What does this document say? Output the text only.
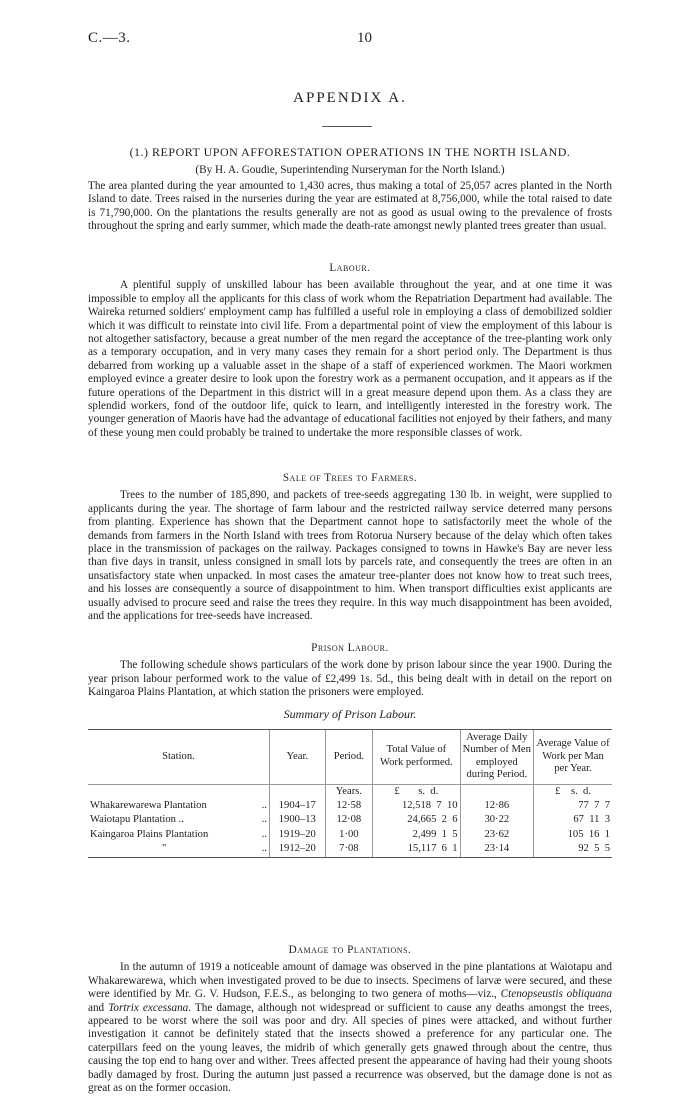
C.—3.	10
APPENDIX A.
(1.) REPORT UPON AFFORESTATION OPERATIONS IN THE NORTH ISLAND.
(By H. A. Goudie, Superintending Nurseryman for the North Island.)

The area planted during the year amounted to 1,430 acres, thus making a total of 25,057 acres planted in the North Island to date. Trees raised in the nurseries during the year are estimated at 8,756,000, while the total raised to date is 71,790,000. On the plantations the results generally are not as good as usual owing to the prevalence of frosts throughout the spring and early summer, which made the death-rate amongst newly planted trees greater than usual.

Labour.

A plentiful supply of unskilled labour has been available throughout the year, and at one time it was impossible to employ all the applicants for this class of work whom the Repatriation Department had available. The Waireka returned soldiers' employment camp has fulfilled a useful role in employing a class of demobilized soldier which it was difficult to reinstate into civil life. From a departmental point of view the employment of this labour is not altogether satisfactory, because a great number of the men regard the acceptance of the tree-planting work only as a temporary occupation, and in very many cases they remain for a short period only. The Department is thus debarred from working up a valuable asset in the shape of a staff of experienced workmen. The Maori workmen employed evince a greater desire to look upon the forestry work as a permanent occupation, and it appears as if the future operations of the Department in this district will in a great measure depend upon them. As a class they are splendid workers, fond of the outdoor life, quick to learn, and intelligently interested in the forestry work. The younger generation of Maoris have had the advantage of educational facilities not enjoyed by their fathers, and many of these young men could probably be trained to undertake the more responsible classes of work.

Sale of Trees to Farmers.

Trees to the number of 185,890, and packets of tree-seeds aggregating 130 lb. in weight, were supplied to applicants during the year. The shortage of farm labour and the restricted railway service deterred many persons from planting. Experience has shown that the Department cannot hope to satisfactorily meet the whole of the demands from farmers in the North Island with trees from Rotorua Nursery because of the delay which often takes place in the transmission of packages on the railway. Packages consigned to towns in Hawke's Bay are never less than five days in transit, unless consigned in small lots by parcels rate, and consequently the trees are often in an unsatisfactory state when unpacked. In most cases the amateur tree-planter does not know how to treat such trees, and his losses are consequently a source of disappointment to him. When transport difficulties exist applicants are usually advised to procure seed and raise the trees they require. In this way much disappointment has been avoided, and the applications for tree-seeds have increased.

Prison Labour.

The following schedule shows particulars of the work done by prison labour since the year 1900. During the year prison labour performed work to the value of £2,499 1s. 5d., this being dealt with in detail on the report on Kaingaroa Plains Plantation, at which station the prisoners were employed.

Summary of Prison Labour.
Station.	Year.	Period.	Total Value of Work performed.	Average Daily Number of Men employed during Period.	Average Value of Work per Man per Year.
		Years.	£ s. d.		£ s. d.
Whakarewarewa Plantation ..	1904–17	12·58	12,518 7 10	12·86	77 7 7
Waiotapu Plantation .. ..	1900–13	12·08	24,665 2 6	30·22	67 11 3
Kaingaroa Plains Plantation ..	1919–20	1·00	2,499 1 5	23·62	105 16 1
" ..	1912–20	7·08	15,117 6 1	23·14	92 5 5
Damage to Plantations.

In the autumn of 1919 a noticeable amount of damage was observed in the pine plantations at Waiotapu and Whakarewarewa, which when investigated proved to be due to insects. Specimens of larvæ were secured, and these were identified by Mr. G. V. Hudson, F.E.S., as belonging to two genera of moths—viz., Ctenopseustis obliquana and Tortrix excessana. The damage, although not widespread or sufficient to cause any deaths amongst the trees, appeared to be worst where the soil was poor and dry. All species of pines were attacked, and without further investigation it cannot be definitely stated that the insects showed a preference for any particular one. The caterpillars feed on the young leaves, the midrib of which generally gets gnawed through about the centre, thus causing the top end to hang over and wither. Trees affected present the appearance of having had their young shoots badly damaged by frost. During the autumn just passed a recurrence was observed, but the damage done is not as great as on the former occasion.
